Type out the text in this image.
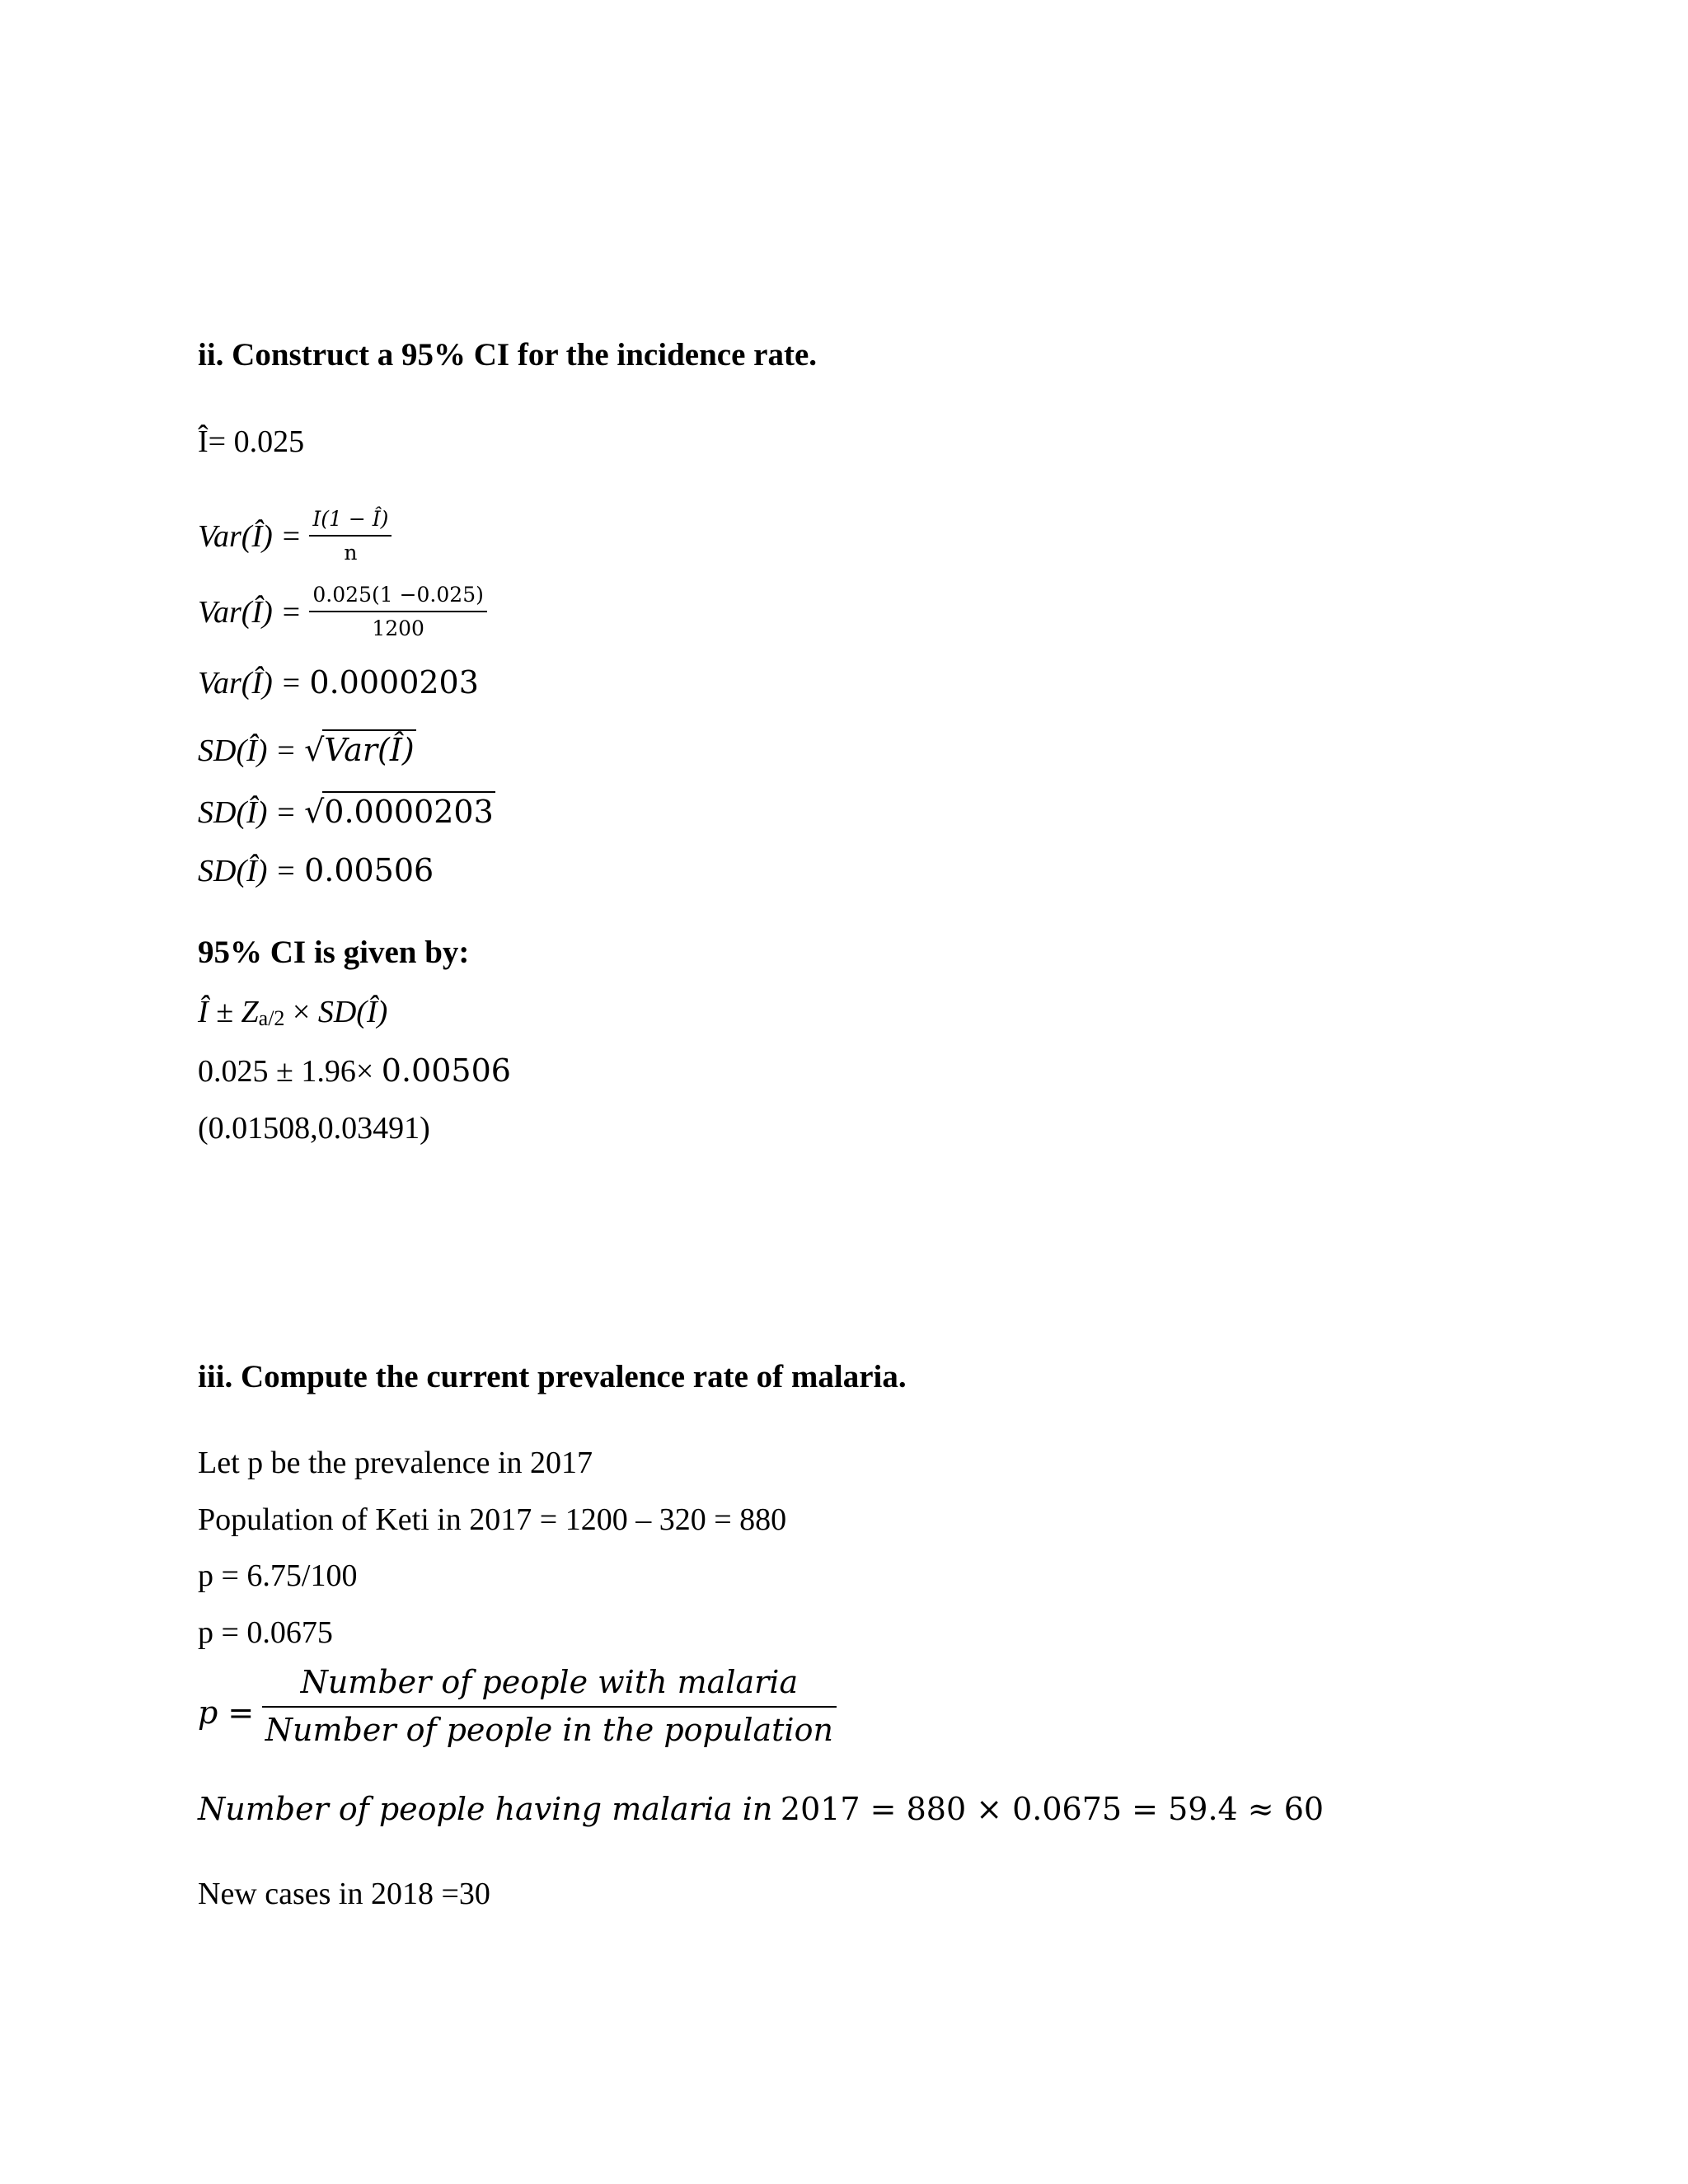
ii. Construct a 95% CI for the incidence rate.
Î= 0.025
Var(Î) = $\frac{I(1 - Î)}{n}$
Var(Î) = $\frac{0.025(1 -0.025)}{1200}$
Var(Î) = 0.0000203
SD(Î) = √Var(Î)
SD(Î) = √0.0000203
SD(Î) = 0.00506
95% CI is given by:
Î ± Za/2 × SD(Î)
0.025 ± 1.96× 0.00506
(0.01508,0.03491)
iii. Compute the current prevalence rate of malaria.
Let p be the prevalence in 2017
Population of Keti in 2017 = 1200 – 320 = 880
p = 6.75/100
p = 0.0675
$p = \frac{\text{Number of people with malaria}}{\text{Number of people in the population}}$
Number of people having malaria in 2017 = 880 × 0.0675 = 59.4 ≈ 60
New cases in 2018 =30
